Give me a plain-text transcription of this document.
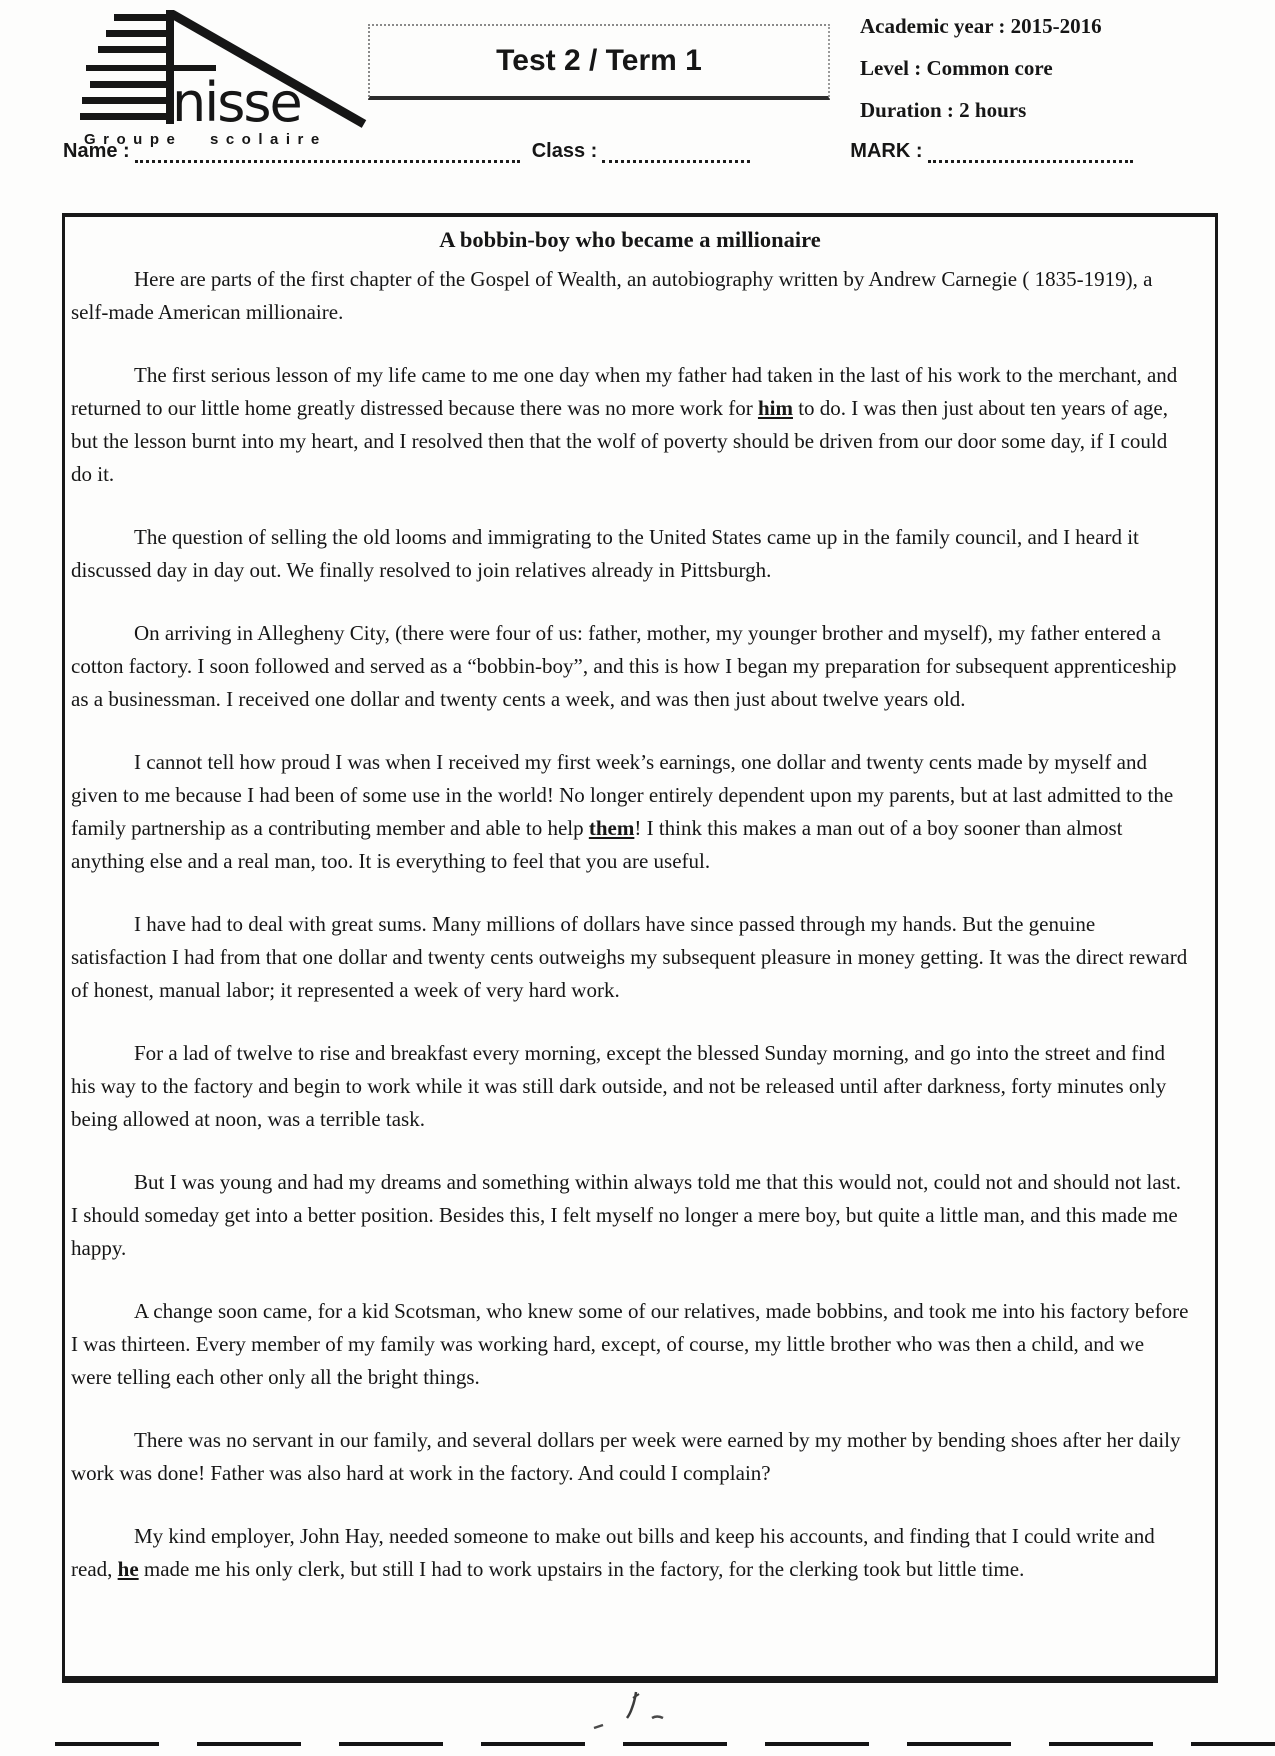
nisse
Groupe scolaire
Test 2 / Term 1
Academic year : 2015-2016
Level : Common core
Duration : 2 hours
Name :	Class :	MARK :
A bobbin-boy who became a millionaire

Here are parts of the first chapter of the Gospel of Wealth, an autobiography written by Andrew Carnegie ( 1835-1919), a self-made American millionaire.

The first serious lesson of my life came to me one day when my father had taken in the last of his work to the merchant, and returned to our little home greatly distressed because there was no more work for him to do. I was then just about ten years of age, but the lesson burnt into my heart, and I resolved then that the wolf of poverty should be driven from our door some day, if I could do it.

The question of selling the old looms and immigrating to the United States came up in the family council, and I heard it discussed day in day out. We finally resolved to join relatives already in Pittsburgh.

On arriving in Allegheny City, (there were four of us: father, mother, my younger brother and myself), my father entered a cotton factory. I soon followed and served as a “bobbin-boy”, and this is how I began my preparation for subsequent apprenticeship as a businessman. I received one dollar and twenty cents a week, and was then just about twelve years old.

I cannot tell how proud I was when I received my first week’s earnings, one dollar and twenty cents made by myself and given to me because I had been of some use in the world! No longer entirely dependent upon my parents, but at last admitted to the family partnership as a contributing member and able to help them! I think this makes a man out of a boy sooner than almost anything else and a real man, too. It is everything to feel that you are useful.

I have had to deal with great sums. Many millions of dollars have since passed through my hands. But the genuine satisfaction I had from that one dollar and twenty cents outweighs my subsequent pleasure in money getting. It was the direct reward of honest, manual labor; it represented a week of very hard work.

For a lad of twelve to rise and breakfast every morning, except the blessed Sunday morning, and go into the street and find his way to the factory and begin to work while it was still dark outside, and not be released until after darkness, forty minutes only being allowed at noon, was a terrible task.

But I was young and had my dreams and something within always told me that this would not, could not and should not last. I should someday get into a better position. Besides this, I felt myself no longer a mere boy, but quite a little man, and this made me happy.

A change soon came, for a kid Scotsman, who knew some of our relatives, made bobbins, and took me into his factory before I was thirteen. Every member of my family was working hard, except, of course, my little brother who was then a child, and we were telling each other only all the bright things.

There was no servant in our family, and several dollars per week were earned by my mother by bending shoes after her daily work was done! Father was also hard at work in the factory. And could I complain?

My kind employer, John Hay, needed someone to make out bills and keep his accounts, and finding that I could write and read, he made me his only clerk, but still I had to work upstairs in the factory, for the clerking took but little time.
